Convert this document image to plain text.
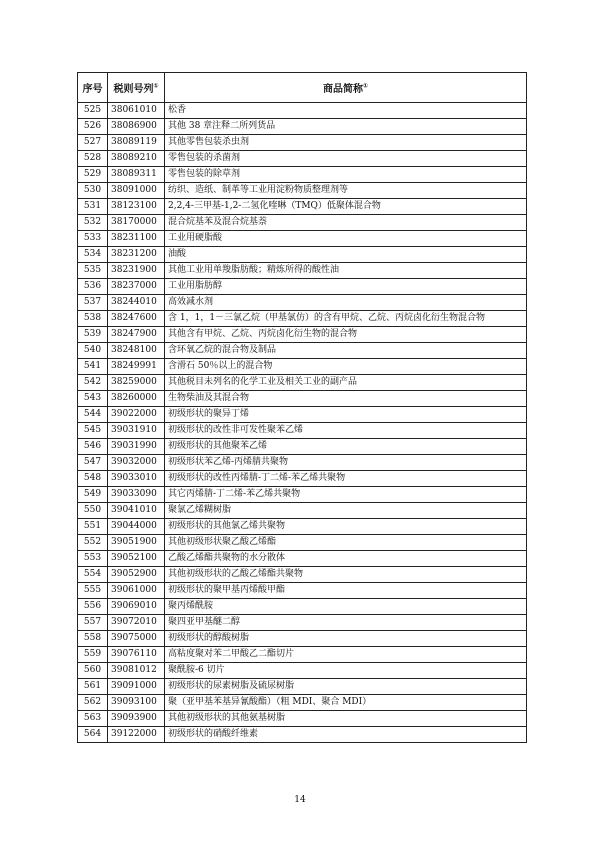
序号	税则号列①	商品简称①
525	38061010	松香
526	38086900	其他 38 章注释二所列货品
527	38089119	其他零售包装杀虫剂
528	38089210	零售包装的杀菌剂
529	38089311	零售包装的除草剂
530	38091000	纺织、造纸、制革等工业用淀粉物质整理剂等
531	38123100	2,2,4-三甲基-1,2-二氢化喹啉（TMQ）低聚体混合物
532	38170000	混合烷基苯及混合烷基萘
533	38231100	工业用硬脂酸
534	38231200	油酸
535	38231900	其他工业用单羧脂肪酸；精炼所得的酸性油
536	38237000	工业用脂肪醇
537	38244010	高效减水剂
538	38247600	含 1，1，1－三氯乙烷（甲基氯仿）的含有甲烷、乙烷、丙烷卤化衍生物混合物
539	38247900	其他含有甲烷、乙烷、丙烷卤化衍生物的混合物
540	38248100	含环氧乙烷的混合物及制品
541	38249991	含滑石 50％以上的混合物
542	38259000	其他税目未列名的化学工业及相关工业的副产品
543	38260000	生物柴油及其混合物
544	39022000	初级形状的聚异丁烯
545	39031910	初级形状的改性非可发性聚苯乙烯
546	39031990	初级形状的其他聚苯乙烯
547	39032000	初级形状苯乙烯-丙烯腈共聚物
548	39033010	初级形状的改性丙烯腈-丁二烯-苯乙烯共聚物
549	39033090	其它丙烯腈-丁二烯-苯乙烯共聚物
550	39041010	聚氯乙烯糊树脂
551	39044000	初级形状的其他氯乙烯共聚物
552	39051900	其他初级形状聚乙酸乙烯酯
553	39052100	乙酸乙烯酯共聚物的水分散体
554	39052900	其他初级形状的乙酸乙烯酯共聚物
555	39061000	初级形状的聚甲基丙烯酸甲酯
556	39069010	聚丙烯酰胺
557	39072010	聚四亚甲基醚二醇
558	39075000	初级形状的醇酸树脂
559	39076110	高粘度聚对苯二甲酸乙二酯切片
560	39081012	聚酰胺-6 切片
561	39091000	初级形状的尿素树脂及硫尿树脂
562	39093100	聚（亚甲基苯基异氰酸酯）（粗 MDI、聚合 MDI）
563	39093900	其他初级形状的其他氨基树脂
564	39122000	初级形状的硝酸纤维素
14
